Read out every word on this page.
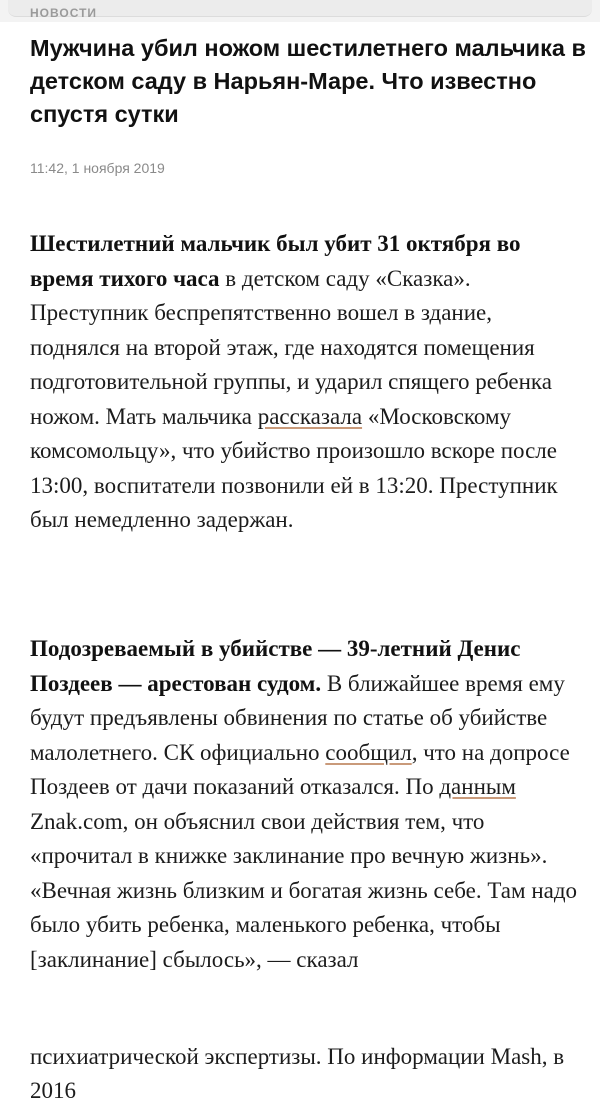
НОВОСТИ
Мужчина убил ножом шестилетнего мальчика в детском саду в Нарьян-Маре. Что известно спустя сутки
11:42, 1 ноября 2019

Шестилетний мальчик был убит 31 октября во время тихого часа в детском саду «Сказка». Преступник беспрепятственно вошел в здание, поднялся на второй этаж, где находятся помещения подготовительной группы, и ударил спящего ребенка ножом. Мать мальчика рассказала «Московскому комсомольцу», что убийство произошло вскоре после 13:00, воспитатели позвонили ей в 13:20. Преступник был немедленно задержан.

Подозреваемый в убийстве — 39-летний Денис Поздеев — арестован судом. В ближайшее время ему будут предъявлены обвинения по статье об убийстве малолетнего. СК официально сообщил, что на допросе Поздеев от дачи показаний отказался. По данным Znak.com, он объяснил свои действия тем, что «прочитал в книжке заклинание про вечную жизнь». «Вечная жизнь близким и богатая жизнь себе. Там надо было убить ребенка, маленького ребенка, чтобы [заклинание] сбылось», — сказал

психиатрической экспертизы. По информации Mash, в 2016
